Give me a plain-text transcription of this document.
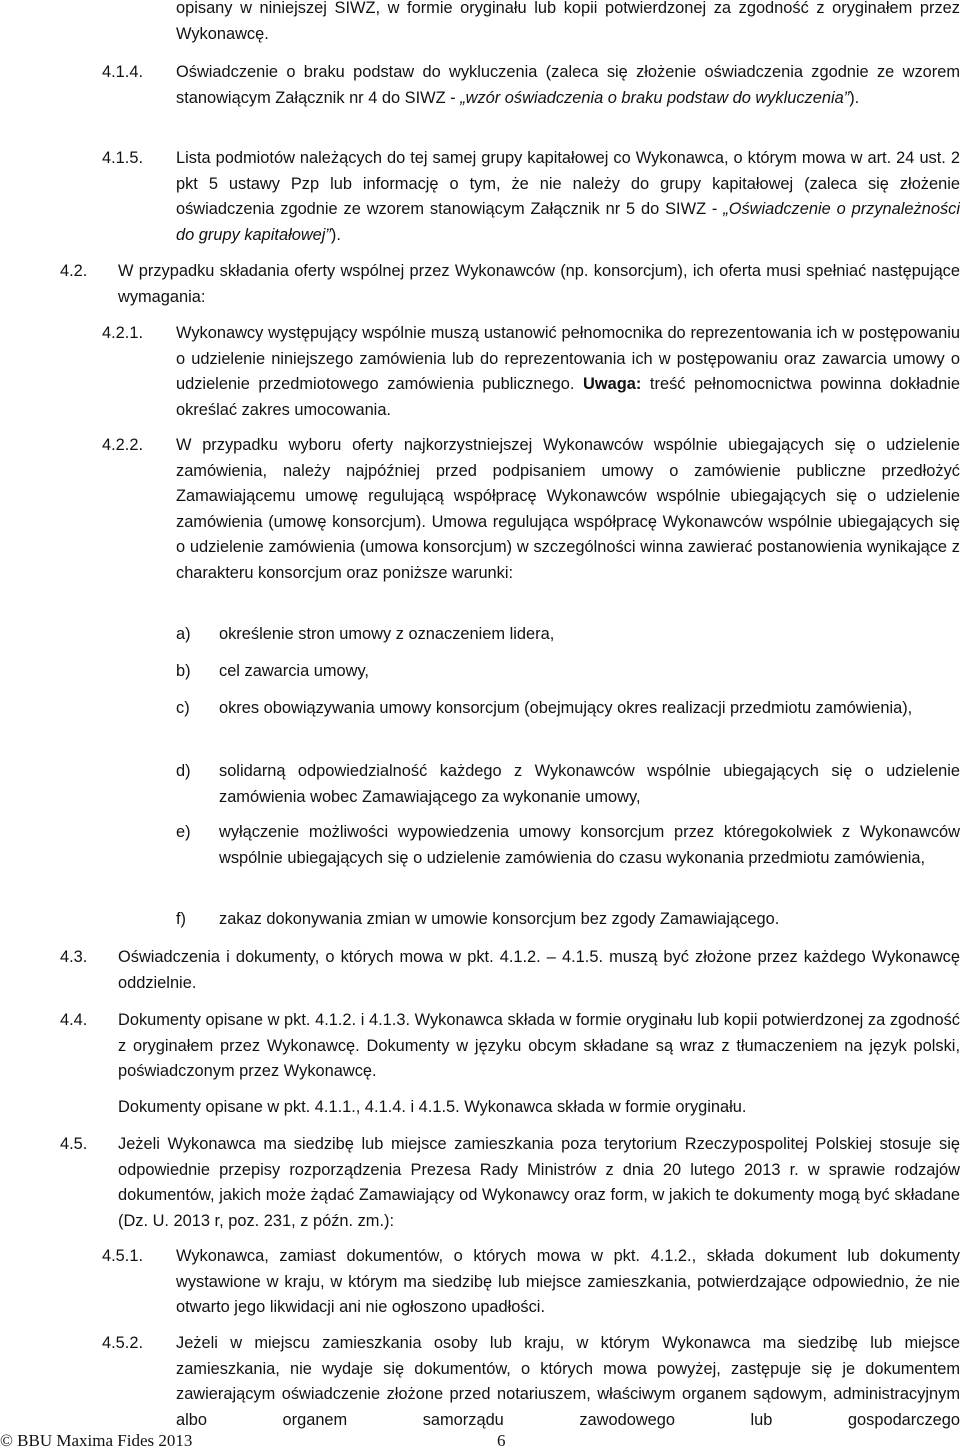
opisany w niniejszej SIWZ, w formie oryginału lub kopii potwierdzonej za zgodność z oryginałem przez Wykonawcę.

4.1.4. Oświadczenie o braku podstaw do wykluczenia (zaleca się złożenie oświadczenia zgodnie ze wzorem stanowiącym Załącznik nr 4 do SIWZ - „wzór oświadczenia o braku podstaw do wykluczenia”).

4.1.5. Lista podmiotów należących do tej samej grupy kapitałowej co Wykonawca, o którym mowa w art. 24 ust. 2 pkt 5 ustawy Pzp lub informację o tym, że nie należy do grupy kapitałowej (zaleca się złożenie oświadczenia zgodnie ze wzorem stanowiącym Załącznik nr 5 do SIWZ - „Oświadczenie o przynależności do grupy kapitałowej”).

4.2. W przypadku składania oferty wspólnej przez Wykonawców (np. konsorcjum), ich oferta musi spełniać następujące wymagania:

4.2.1. Wykonawcy występujący wspólnie muszą ustanowić pełnomocnika do reprezentowania ich w postępowaniu o udzielenie niniejszego zamówienia lub do reprezentowania ich w postępowaniu oraz zawarcia umowy o udzielenie przedmiotowego zamówienia publicznego. Uwaga: treść pełnomocnictwa powinna dokładnie określać zakres umocowania.

4.2.2. W przypadku wyboru oferty najkorzystniejszej Wykonawców wspólnie ubiegających się o udzielenie zamówienia, należy najpóźniej przed podpisaniem umowy o zamówienie publiczne przedłożyć Zamawiającemu umowę regulującą współpracę Wykonawców wspólnie ubiegających się o udzielenie zamówienia (umowę konsorcjum). Umowa regulująca współpracę Wykonawców wspólnie ubiegających się o udzielenie zamówienia (umowa konsorcjum) w szczególności winna zawierać postanowienia wynikające z charakteru konsorcjum oraz poniższe warunki:

a) określenie stron umowy z oznaczeniem lidera,

b) cel zawarcia umowy,

c) okres obowiązywania umowy konsorcjum (obejmujący okres realizacji przedmiotu zamówienia),

d) solidarną odpowiedzialność każdego z Wykonawców wspólnie ubiegających się o udzielenie zamówienia wobec Zamawiającego za wykonanie umowy,

e) wyłączenie możliwości wypowiedzenia umowy konsorcjum przez któregokolwiek z Wykonawców wspólnie ubiegających się o udzielenie zamówienia do czasu wykonania przedmiotu zamówienia,

f) zakaz dokonywania zmian w umowie konsorcjum bez zgody Zamawiającego.

4.3. Oświadczenia i dokumenty, o których mowa w pkt. 4.1.2. – 4.1.5. muszą być złożone przez każdego Wykonawcę oddzielnie.

4.4. Dokumenty opisane w pkt. 4.1.2. i 4.1.3. Wykonawca składa w formie oryginału lub kopii potwierdzonej za zgodność z oryginałem przez Wykonawcę. Dokumenty w języku obcym składane są wraz z tłumaczeniem na język polski, poświadczonym przez Wykonawcę.

Dokumenty opisane w pkt. 4.1.1., 4.1.4. i 4.1.5. Wykonawca składa w formie oryginału.

4.5. Jeżeli Wykonawca ma siedzibę lub miejsce zamieszkania poza terytorium Rzeczypospolitej Polskiej stosuje się odpowiednie przepisy rozporządzenia Prezesa Rady Ministrów z dnia 20 lutego 2013 r. w sprawie rodzajów dokumentów, jakich może żądać Zamawiający od Wykonawcy oraz form, w jakich te dokumenty mogą być składane (Dz. U. 2013 r, poz. 231, z późn. zm.):

4.5.1. Wykonawca, zamiast dokumentów, o których mowa w pkt. 4.1.2., składa dokument lub dokumenty wystawione w kraju, w którym ma siedzibę lub miejsce zamieszkania, potwierdzające odpowiednio, że nie otwarto jego likwidacji ani nie ogłoszono upadłości.

4.5.2. Jeżeli w miejscu zamieszkania osoby lub kraju, w którym Wykonawca ma siedzibę lub miejsce zamieszkania, nie wydaje się dokumentów, o których mowa powyżej, zastępuje się je dokumentem zawierającym oświadczenie złożone przed notariuszem, właściwym organem sądowym, administracyjnym albo organem samorządu zawodowego lub gospodarczego

© BBU Maxima Fides 2013	6
